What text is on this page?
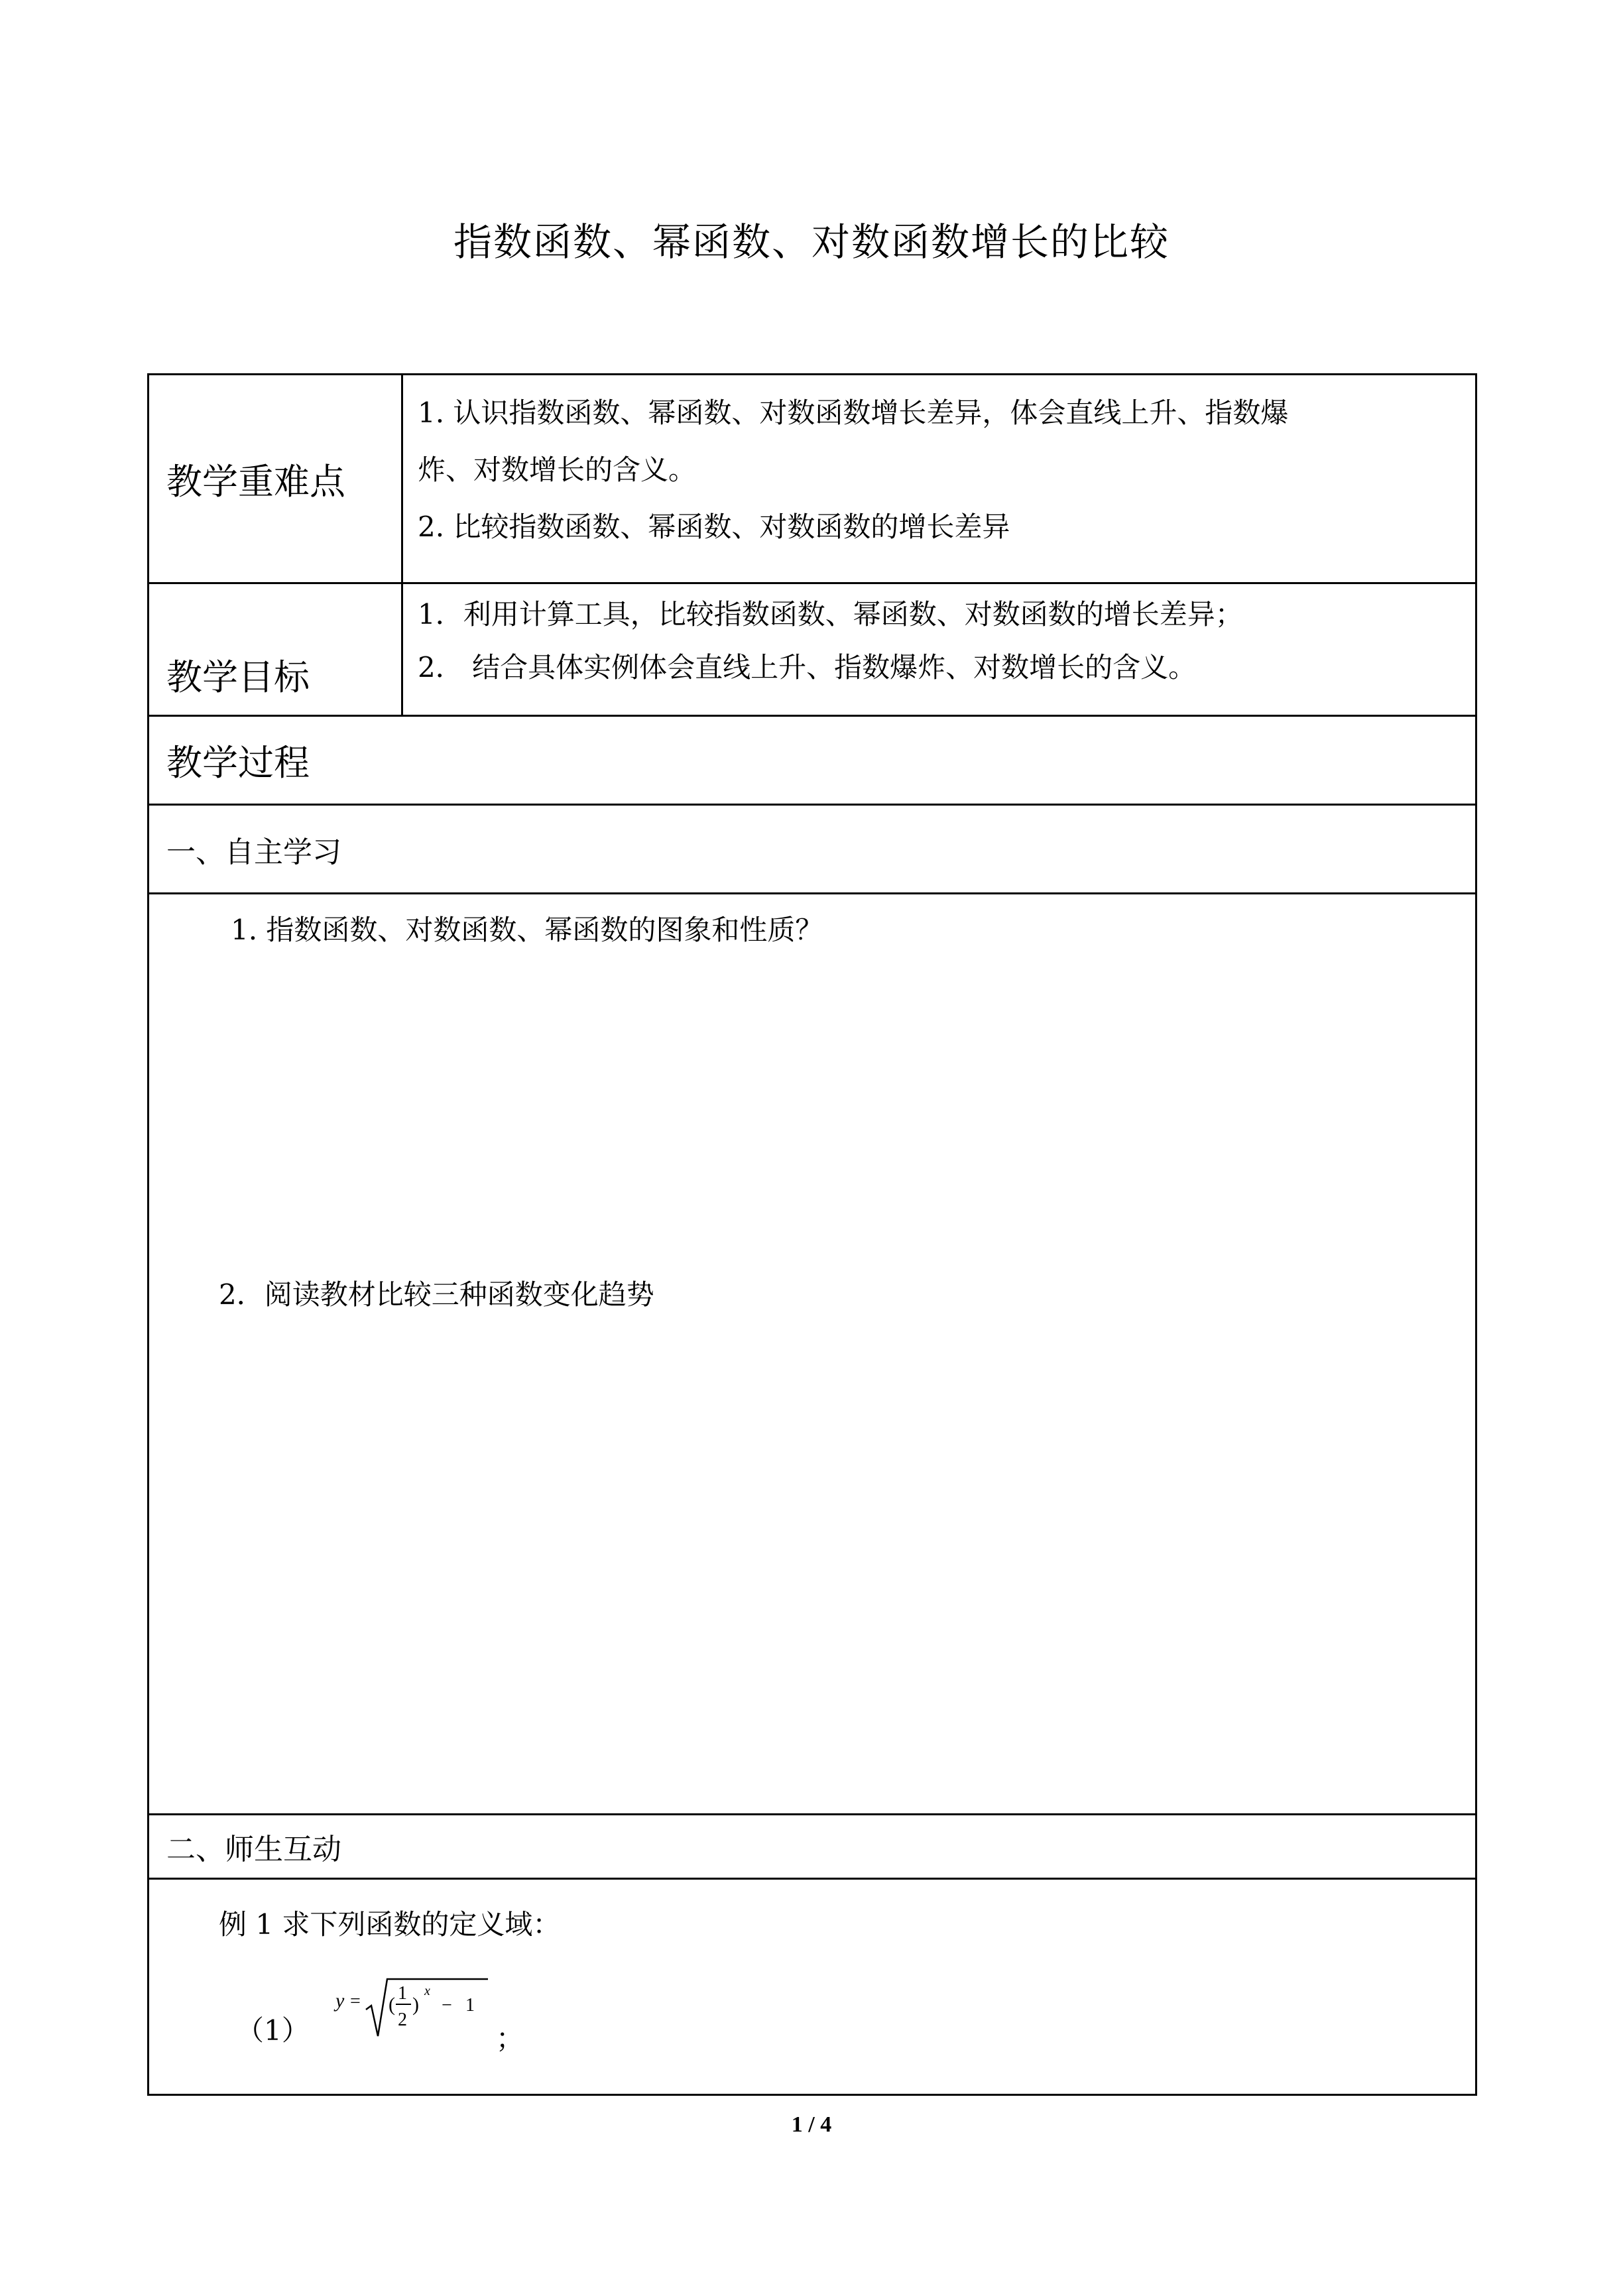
指数函数、幂函数、对数函数增长的比较
教学重难点	1. 认识指数函数、幂函数、对数函数增长差异，体会直线上升、指数爆
炸、对数增长的含义。
2. 比较指数函数、幂函数、对数函数的增长差异

教学目标	1．利用计算工具，比较指数函数、幂函数、对数函数的增长差异；
2． 结合具体实例体会直线上升、指数爆炸、对数增长的含义。

教学过程	
一、自主学习	

二、师生互动	

1. 指数函数、对数函数、幂函数的图象和性质？
2．阅读教材比较三种函数变化趋势
例 1 求下列函数的定义域：
（1）
y = (
1
2
)
x
− 1
；
1 / 4
